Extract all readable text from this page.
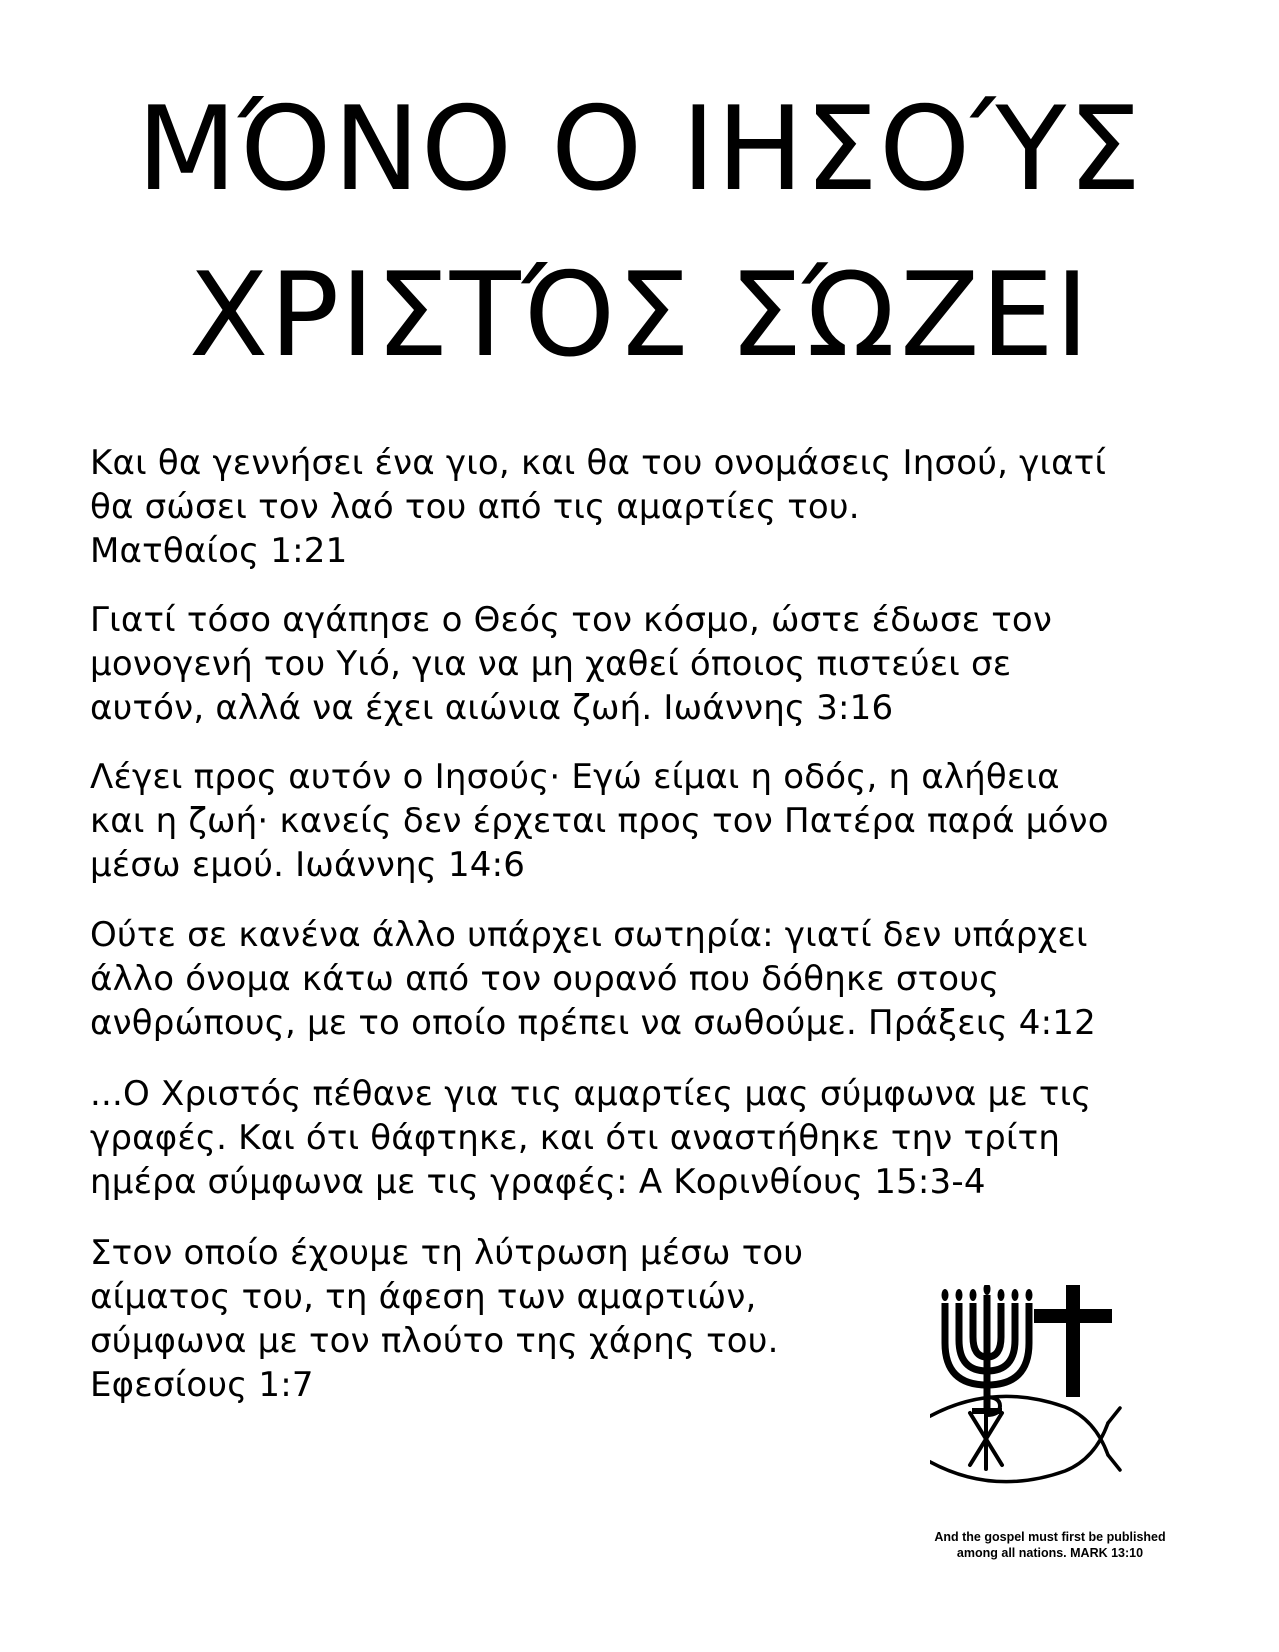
ΜΌΝΟ Ο ΙΗΣΟΎΣ
ΧΡΙΣΤΌΣ ΣΏΖΕΙ

Και θα γεννήσει ένα γιο, και θα του ονομάσεις Ιησού, γιατί
θα σώσει τον λαό του από τις αμαρτίες του.
Ματθαίος 1:21

Γιατί τόσο αγάπησε ο Θεός τον κόσμο, ώστε έδωσε τον
μονογενή του Υιό, για να μη χαθεί όποιος πιστεύει σε
αυτόν, αλλά να έχει αιώνια ζωή. Ιωάννης 3:16

Λέγει προς αυτόν ο Ιησούς· Εγώ είμαι η οδός, η αλήθεια
και η ζωή· κανείς δεν έρχεται προς τον Πατέρα παρά μόνο
μέσω εμού. Ιωάννης 14:6

Ούτε σε κανένα άλλο υπάρχει σωτηρία: γιατί δεν υπάρχει
άλλο όνομα κάτω από τον ουρανό που δόθηκε στους
ανθρώπους, με το οποίο πρέπει να σωθούμε. Πράξεις 4:12

...Ο Χριστός πέθανε για τις αμαρτίες μας σύμφωνα με τις
γραφές. Και ότι θάφτηκε, και ότι αναστήθηκε την τρίτη
ημέρα σύμφωνα με τις γραφές: Α Κορινθίους 15:3-4

Στον οποίο έχουμε τη λύτρωση μέσω του
αίματος του, τη άφεση των αμαρτιών,
σύμφωνα με τον πλούτο της χάρης του.
Εφεσίους 1:7

And the gospel must first be published
among all nations. MARK 13:10
